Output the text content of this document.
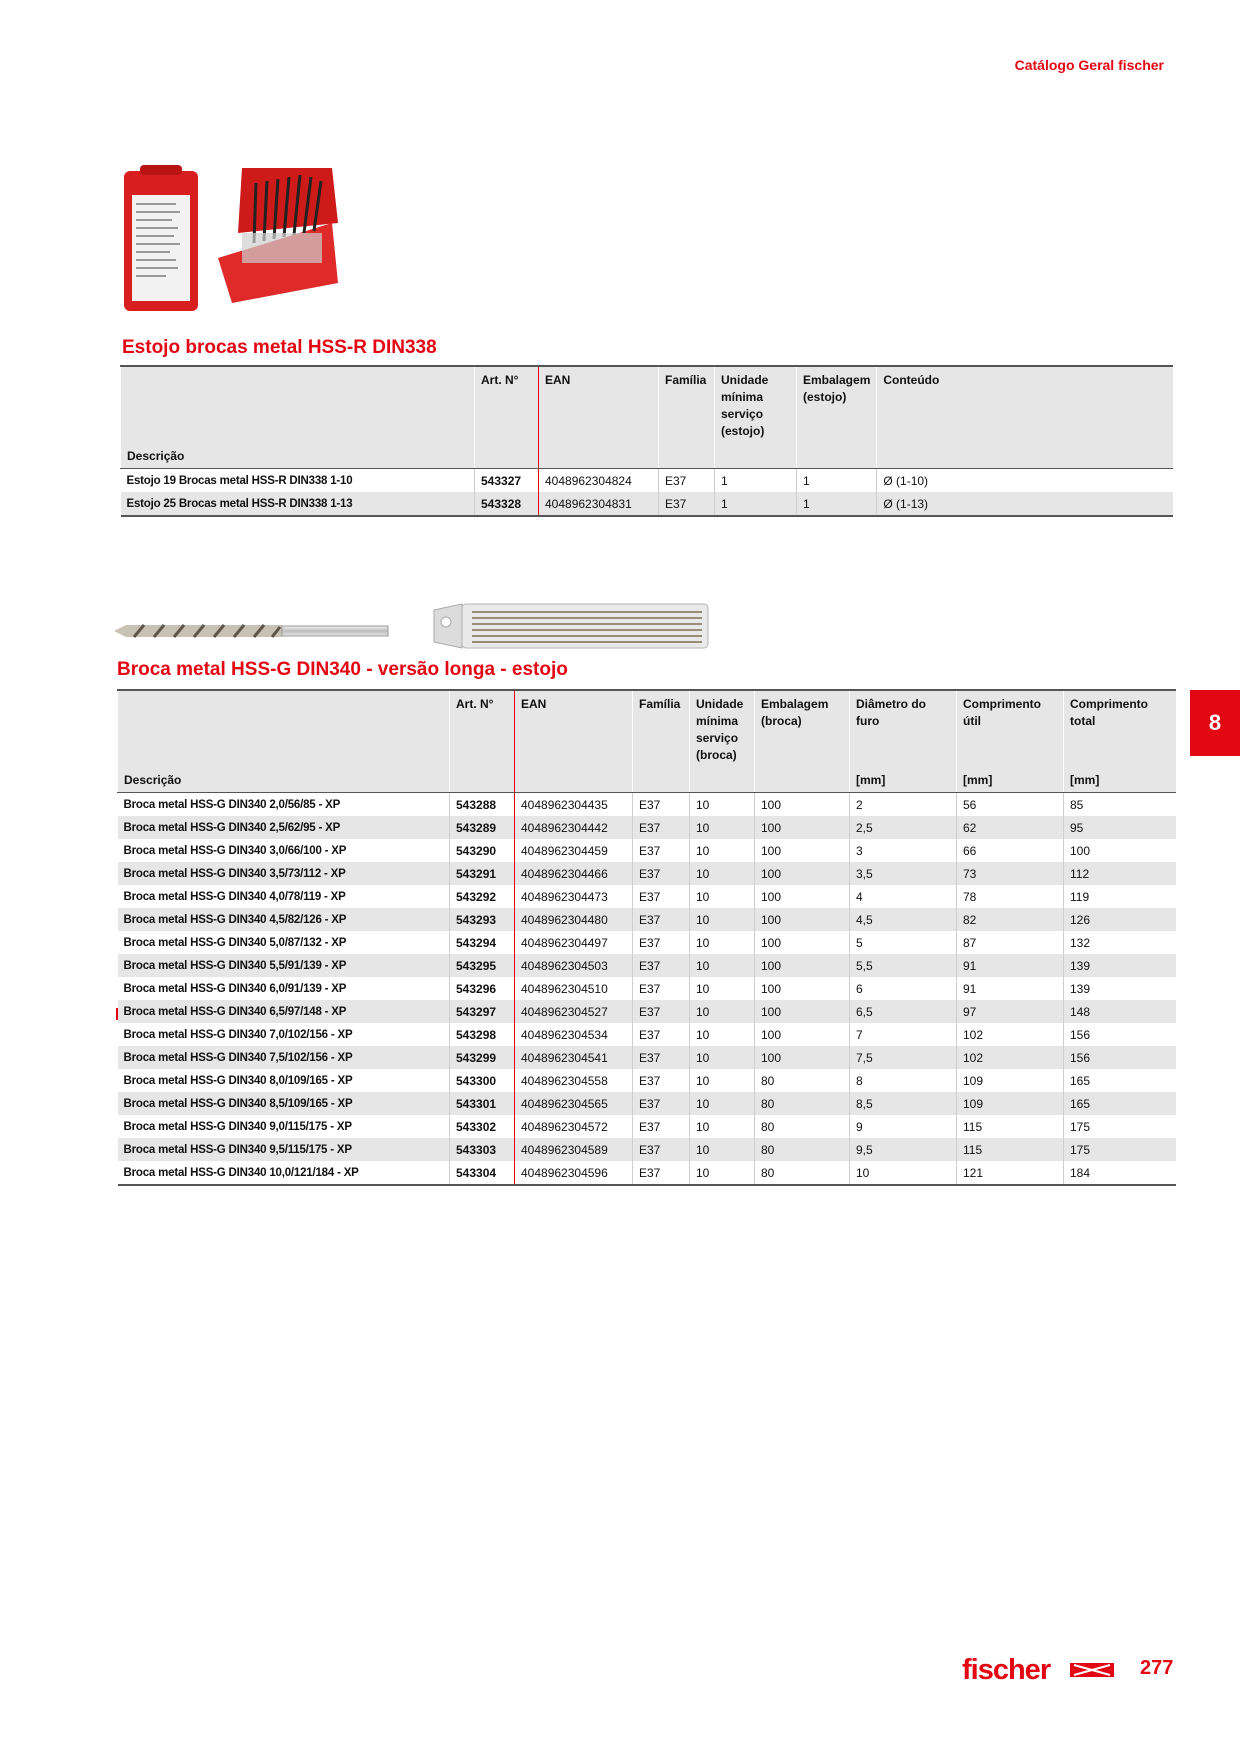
Catálogo Geral fischer
Estojo brocas metal HSS-R DIN338
	Art. N°	EAN	Família	Unidade mínima serviço (estojo)	Embalagem (estojo)	Conteúdo
Descrição						
Estojo 19 Brocas metal HSS-R DIN338 1-10	543327	4048962304824	E37	1	1	Ø (1-10)
Estojo 25 Brocas metal HSS-R DIN338 1-13	543328	4048962304831	E37	1	1	Ø (1-13)
Broca metal HSS-G DIN340 - versão longa - estojo
	Art. N°	EAN	Família	Unidade mínima serviço (broca)	Embalagem (broca)	Diâmetro do furo	Comprimento útil	Comprimento total
Descrição						[mm]	[mm]	[mm]
Broca metal HSS-G DIN340 2,0/56/85 - XP	543288	4048962304435	E37	10	100	2	56	85
Broca metal HSS-G DIN340 2,5/62/95 - XP	543289	4048962304442	E37	10	100	2,5	62	95
Broca metal HSS-G DIN340 3,0/66/100 - XP	543290	4048962304459	E37	10	100	3	66	100
Broca metal HSS-G DIN340 3,5/73/112 - XP	543291	4048962304466	E37	10	100	3,5	73	112
Broca metal HSS-G DIN340 4,0/78/119 - XP	543292	4048962304473	E37	10	100	4	78	119
Broca metal HSS-G DIN340 4,5/82/126 - XP	543293	4048962304480	E37	10	100	4,5	82	126
Broca metal HSS-G DIN340 5,0/87/132 - XP	543294	4048962304497	E37	10	100	5	87	132
Broca metal HSS-G DIN340 5,5/91/139 - XP	543295	4048962304503	E37	10	100	5,5	91	139
Broca metal HSS-G DIN340 6,0/91/139 - XP	543296	4048962304510	E37	10	100	6	91	139
Broca metal HSS-G DIN340 6,5/97/148 - XP	543297	4048962304527	E37	10	100	6,5	97	148
Broca metal HSS-G DIN340 7,0/102/156 - XP	543298	4048962304534	E37	10	100	7	102	156
Broca metal HSS-G DIN340 7,5/102/156 - XP	543299	4048962304541	E37	10	100	7,5	102	156
Broca metal HSS-G DIN340 8,0/109/165 - XP	543300	4048962304558	E37	10	80	8	109	165
Broca metal HSS-G DIN340 8,5/109/165 - XP	543301	4048962304565	E37	10	80	8,5	109	165
Broca metal HSS-G DIN340 9,0/115/175 - XP	543302	4048962304572	E37	10	80	9	115	175
Broca metal HSS-G DIN340 9,5/115/175 - XP	543303	4048962304589	E37	10	80	9,5	115	175
Broca metal HSS-G DIN340 10,0/121/184 - XP	543304	4048962304596	E37	10	80	10	121	184
8
fischer	277
